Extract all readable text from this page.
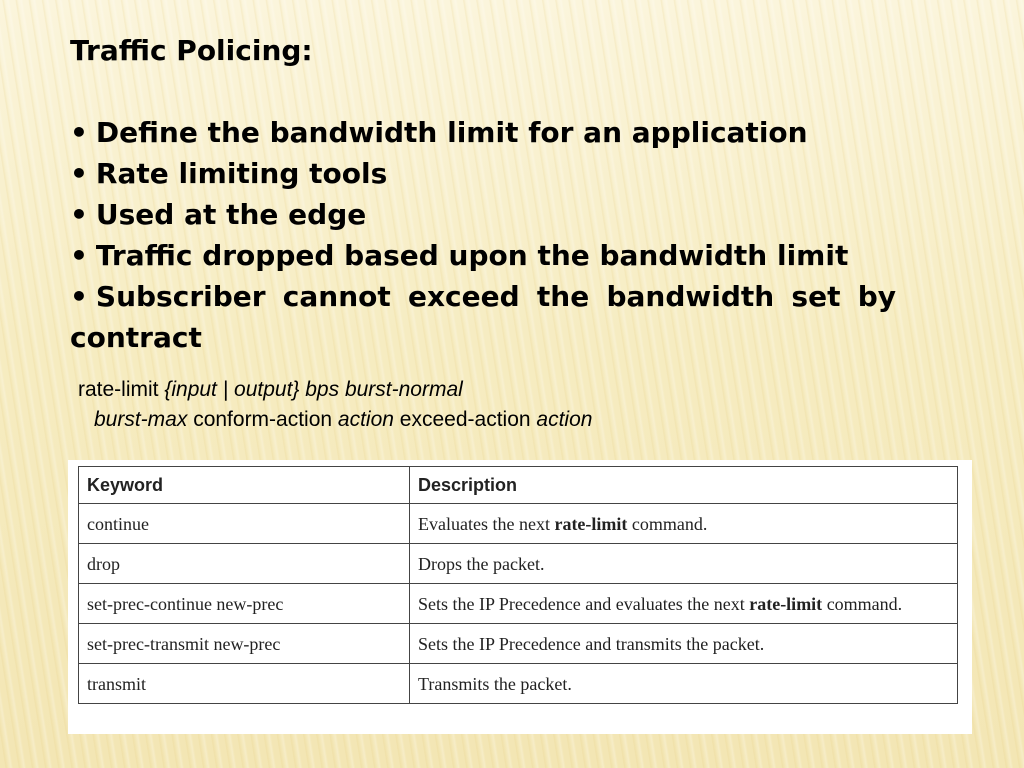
Traffic Policing:
• Define the bandwidth limit for an application
• Rate limiting tools
• Used at the edge
• Traffic dropped based upon the bandwidth limit
• Subscriber cannot exceed the bandwidth set by contract
rate-limit {input | output} bps burst-normal
burst-max conform-action action exceed-action action
Keyword	Description
continue	Evaluates the next rate-limit command.
drop	Drops the packet.
set-prec-continue new-prec	Sets the IP Precedence and evaluates the next rate-limit command.
set-prec-transmit new-prec	Sets the IP Precedence and transmits the packet.
transmit	Transmits the packet.
